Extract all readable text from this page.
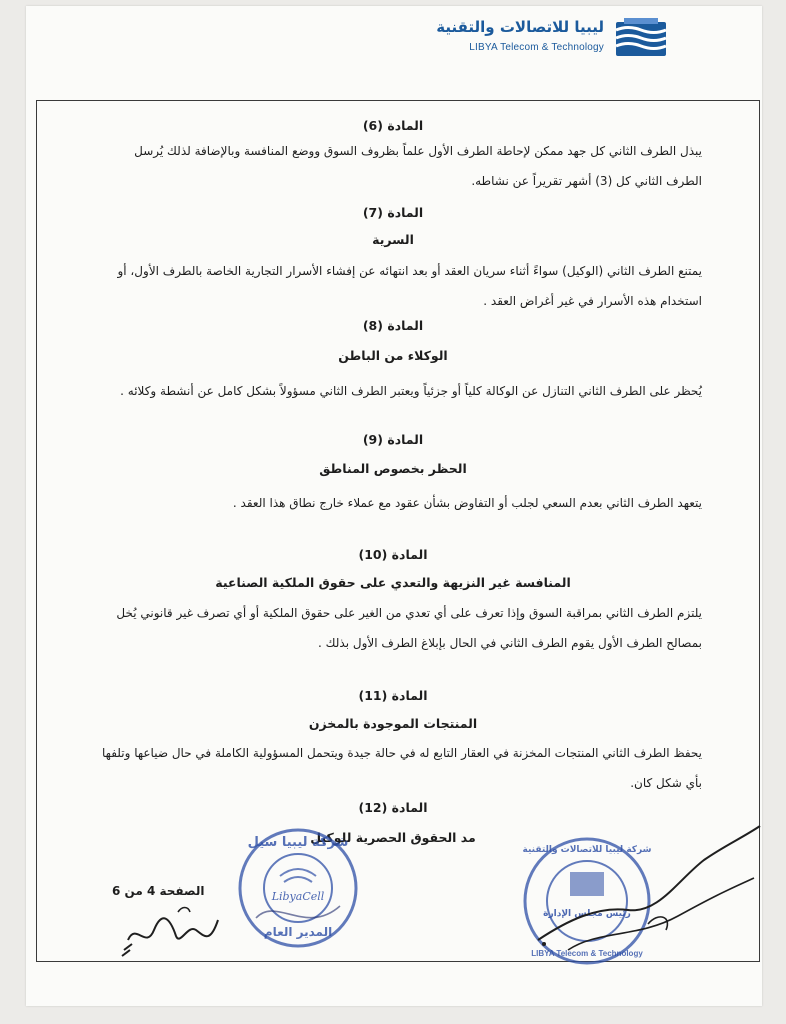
ليبيا للاتصالات والتقنية
LIBYA Telecom & Technology
المادة (6)
يبذل الطرف الثاني كل جهد ممكن لإحاطة الطرف الأول علماً بظروف السوق ووضع المنافسة وبالإضافة لذلك يُرسل الطرف الثاني كل (3) أشهر تقريراً عن نشاطه.
المادة (7)
السرية
يمتنع الطرف الثاني (الوكيل) سواءً أثناء سريان العقد أو بعد انتهائه عن إفشاء الأسرار التجارية الخاصة بالطرف الأول، أو استخدام هذه الأسرار في غير أغراض العقد .
المادة (8)
الوكلاء من الباطن
يُحظر على الطرف الثاني التنازل عن الوكالة كلياً أو جزئياً ويعتبر الطرف الثاني مسؤولاً بشكل كامل عن أنشطة وكلائه .
المادة (9)
الحظر بخصوص المناطق
يتعهد الطرف الثاني بعدم السعي لجلب أو التفاوض بشأن عقود مع عملاء خارج نطاق هذا العقد .
المادة (10)
المنافسة غير النزيهة والتعدي على حقوق الملكية الصناعية
يلتزم الطرف الثاني بمراقبة السوق وإذا تعرف على أي تعدي من الغير على حقوق الملكية أو أي تصرف غير قانوني يُخل بمصالح الطرف الأول يقوم الطرف الثاني في الحال بإبلاغ الطرف الأول بذلك .
المادة (11)
المنتجات الموجودة بالمخزن
يحفظ الطرف الثاني المنتجات المخزنة في العقار التابع له في حالة جيدة ويتحمل المسؤولية الكاملة في حال ضياعها وتلفها بأي شكل كان.
المادة (12)
مد الحقوق الحصرية للوكيل
الصفحة 4 من 6	LibyaCell
شركة ليبيا سيل
المدير العام
رئيس مجلس الإدارة
شركة ليبيا للاتصالات والتقنية
LIBYA Telecom & Technology
